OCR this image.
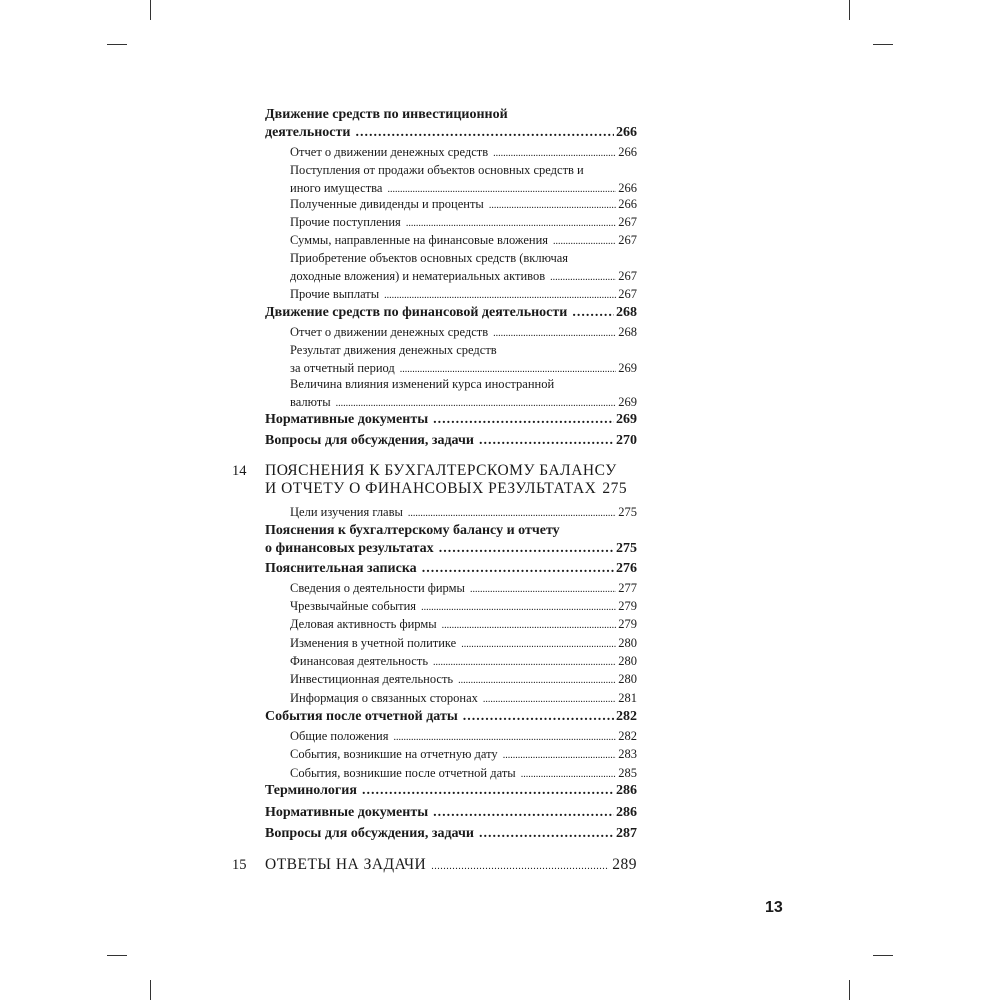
Движение средств по инвестиционной
деятельности .....	266
Отчет о движении денежных средств .....	266
Поступления от продажи объектов основных средств и
иного имущества .....	266
Полученные дивиденды и проценты .....	266
Прочие поступления .....	267
Суммы, направленные на финансовые вложения .....	267
Приобретение объектов основных средств (включая
доходные вложения) и нематериальных активов .....	267
Прочие выплаты .....	267
Движение средств по финансовой деятельности .....	268
Отчет о движении денежных средств .....	268
Результат движения денежных средств
за отчетный период .....	269
Величина влияния изменений курса иностранной
валюты .....	269
Нормативные документы .....	269
Вопросы для обсуждения, задачи .....	270
14 ПОЯСНЕНИЯ К БУХГАЛТЕРСКОМУ БАЛАНСУ
И ОТЧЕТУ О ФИНАНСОВЫХ РЕЗУЛЬТАТАХ 275
Цели изучения главы .....	275
Пояснения к бухгалтерскому балансу и отчету
о финансовых результатах .....	275
Пояснительная записка .....	276
Сведения о деятельности фирмы .....	277
Чрезвычайные события .....	279
Деловая активность фирмы .....	279
Изменения в учетной политике .....	280
Финансовая деятельность .....	280
Инвестиционная деятельность .....	280
Информация о связанных сторонах .....	281
События после отчетной даты .....	282
Общие положения .....	282
События, возникшие на отчетную дату .....	283
События, возникшие после отчетной даты .....	285
Терминология .....	286
Нормативные документы .....	286
Вопросы для обсуждения, задачи .....	287
15 ОТВЕТЫ НА ЗАДАЧИ .....	289
13
